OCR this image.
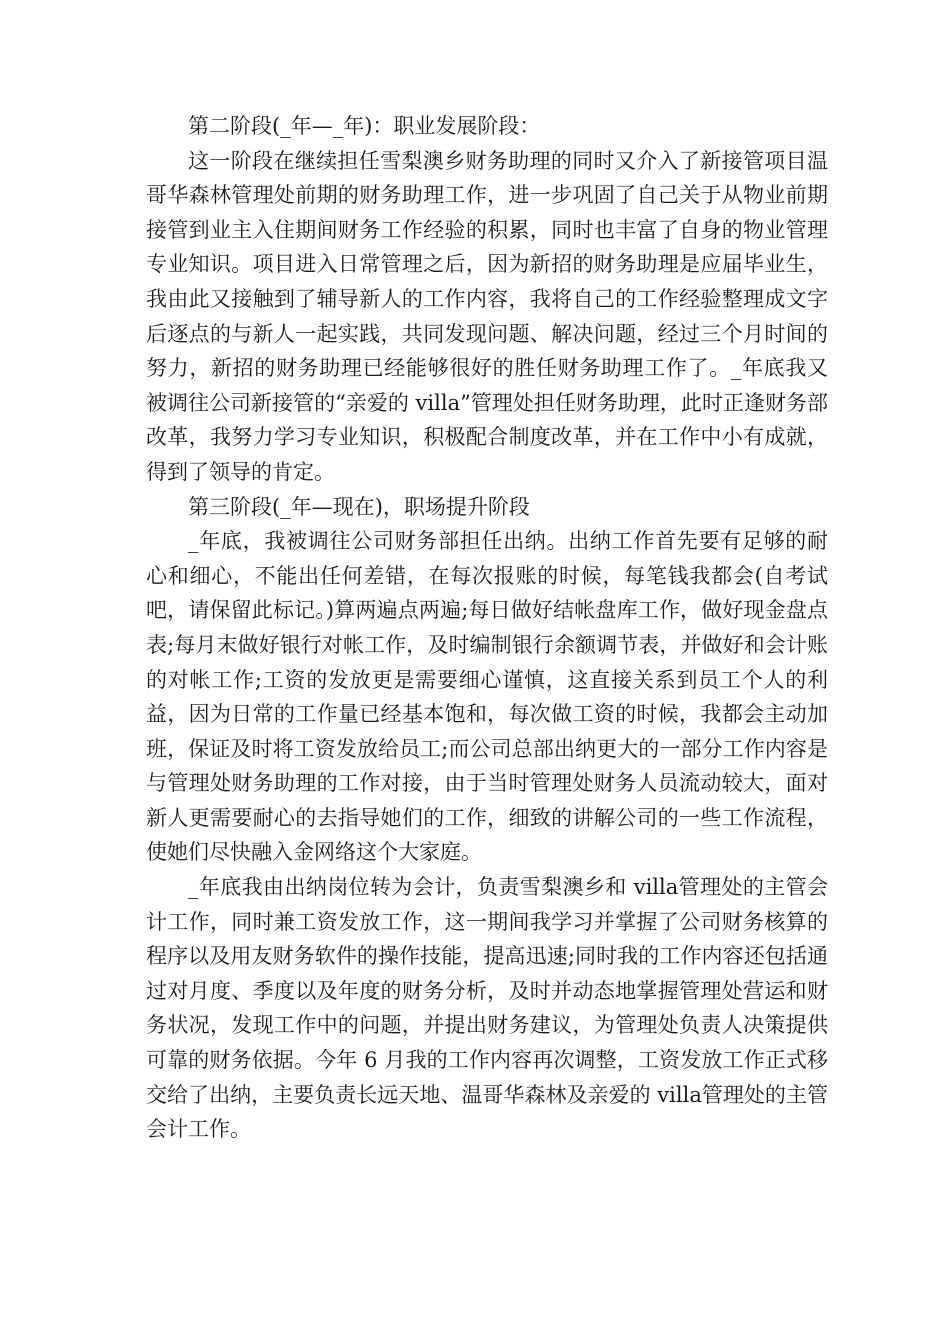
第二阶段(_年—_年)：职业发展阶段：

这一阶段在继续担任雪梨澳乡财务助理的同时又介入了新接管项目温哥华森林管理处前期的财务助理工作，进一步巩固了自己关于从物业前期接管到业主入住期间财务工作经验的积累，同时也丰富了自身的物业管理专业知识。项目进入日常管理之后，因为新招的财务助理是应届毕业生，我由此又接触到了辅导新人的工作内容，我将自己的工作经验整理成文字后逐点的与新人一起实践，共同发现问题、解决问题，经过三个月时间的努力，新招的财务助理已经能够很好的胜任财务助理工作了。_年底我又被调往公司新接管的“亲爱的 villa”管理处担任财务助理，此时正逢财务部改革，我努力学习专业知识，积极配合制度改革，并在工作中小有成就，得到了领导的肯定。

第三阶段(_年—现在)，职场提升阶段

_年底，我被调往公司财务部担任出纳。出纳工作首先要有足够的耐心和细心，不能出任何差错，在每次报账的时候，每笔钱我都会(自考试吧，请保留此标记。)算两遍点两遍;每日做好结帐盘库工作，做好现金盘点表;每月末做好银行对帐工作，及时编制银行余额调节表，并做好和会计账的对帐工作;工资的发放更是需要细心谨慎，这直接关系到员工个人的利益，因为日常的工作量已经基本饱和，每次做工资的时候，我都会主动加班，保证及时将工资发放给员工;而公司总部出纳更大的一部分工作内容是与管理处财务助理的工作对接，由于当时管理处财务人员流动较大，面对新人更需要耐心的去指导她们的工作，细致的讲解公司的一些工作流程，使她们尽快融入金网络这个大家庭。

_年底我由出纳岗位转为会计，负责雪梨澳乡和 villa管理处的主管会计工作，同时兼工资发放工作，这一期间我学习并掌握了公司财务核算的程序以及用友财务软件的操作技能，提高迅速;同时我的工作内容还包括通过对月度、季度以及年度的财务分析，及时并动态地掌握管理处营运和财务状况，发现工作中的问题，并提出财务建议，为管理处负责人决策提供可靠的财务依据。今年 6 月我的工作内容再次调整，工资发放工作正式移交给了出纳，主要负责长远天地、温哥华森林及亲爱的 villa管理处的主管会计工作。
